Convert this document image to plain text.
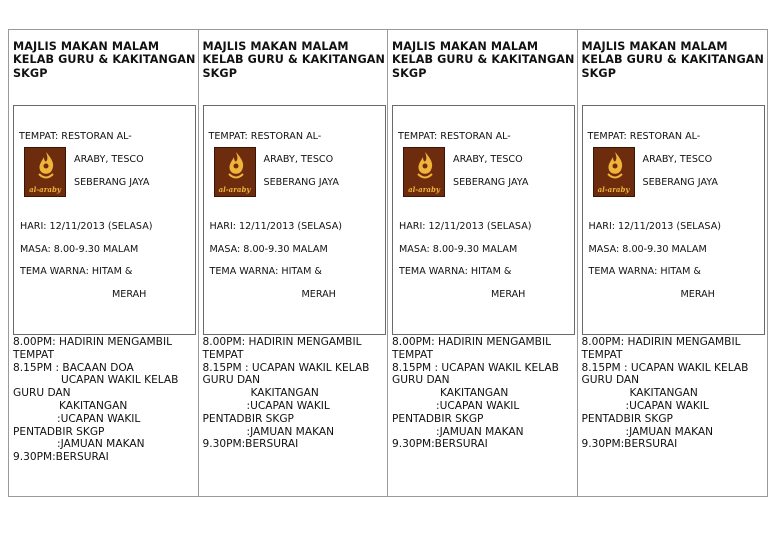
MAJLIS MAKAN MALAM
KELAB GURU & KAKITANGAN
SKGP
TEMPAT: RESTORAN AL-
al-araby
ARABY, TESCO
SEBERANG JAYA
HARI: 12/11/2013 (SELASA)
MASA: 8.00-9.30 MALAM
TEMA WARNA: HITAM &
MERAH
8.00PM: HADIRIN MENGAMBIL
TEMPAT
8.15PM : BACAAN DOA
UCAPAN WAKIL KELAB
GURU DAN
KAKITANGAN
:UCAPAN WAKIL
PENTADBIR SKGP
:JAMUAN MAKAN
9.30PM:BERSURAI
MAJLIS MAKAN MALAM
KELAB GURU & KAKITANGAN
SKGP
TEMPAT: RESTORAN AL-
al-araby
ARABY, TESCO
SEBERANG JAYA
HARI: 12/11/2013 (SELASA)
MASA: 8.00-9.30 MALAM
TEMA WARNA: HITAM &
MERAH
8.00PM: HADIRIN MENGAMBIL
TEMPAT
8.15PM : UCAPAN WAKIL KELAB
GURU DAN
KAKITANGAN
:UCAPAN WAKIL
PENTADBIR SKGP
:JAMUAN MAKAN
9.30PM:BERSURAI
MAJLIS MAKAN MALAM
KELAB GURU & KAKITANGAN
SKGP
TEMPAT: RESTORAN AL-
al-araby
ARABY, TESCO
SEBERANG JAYA
HARI: 12/11/2013 (SELASA)
MASA: 8.00-9.30 MALAM
TEMA WARNA: HITAM &
MERAH
8.00PM: HADIRIN MENGAMBIL
TEMPAT
8.15PM : UCAPAN WAKIL KELAB
GURU DAN
KAKITANGAN
:UCAPAN WAKIL
PENTADBIR SKGP
:JAMUAN MAKAN
9.30PM:BERSURAI
MAJLIS MAKAN MALAM
KELAB GURU & KAKITANGAN
SKGP
TEMPAT: RESTORAN AL-
al-araby
ARABY, TESCO
SEBERANG JAYA
HARI: 12/11/2013 (SELASA)
MASA: 8.00-9.30 MALAM
TEMA WARNA: HITAM &
MERAH
8.00PM: HADIRIN MENGAMBIL
TEMPAT
8.15PM : UCAPAN WAKIL KELAB
GURU DAN
KAKITANGAN
:UCAPAN WAKIL
PENTADBIR SKGP
:JAMUAN MAKAN
9.30PM:BERSURAI
